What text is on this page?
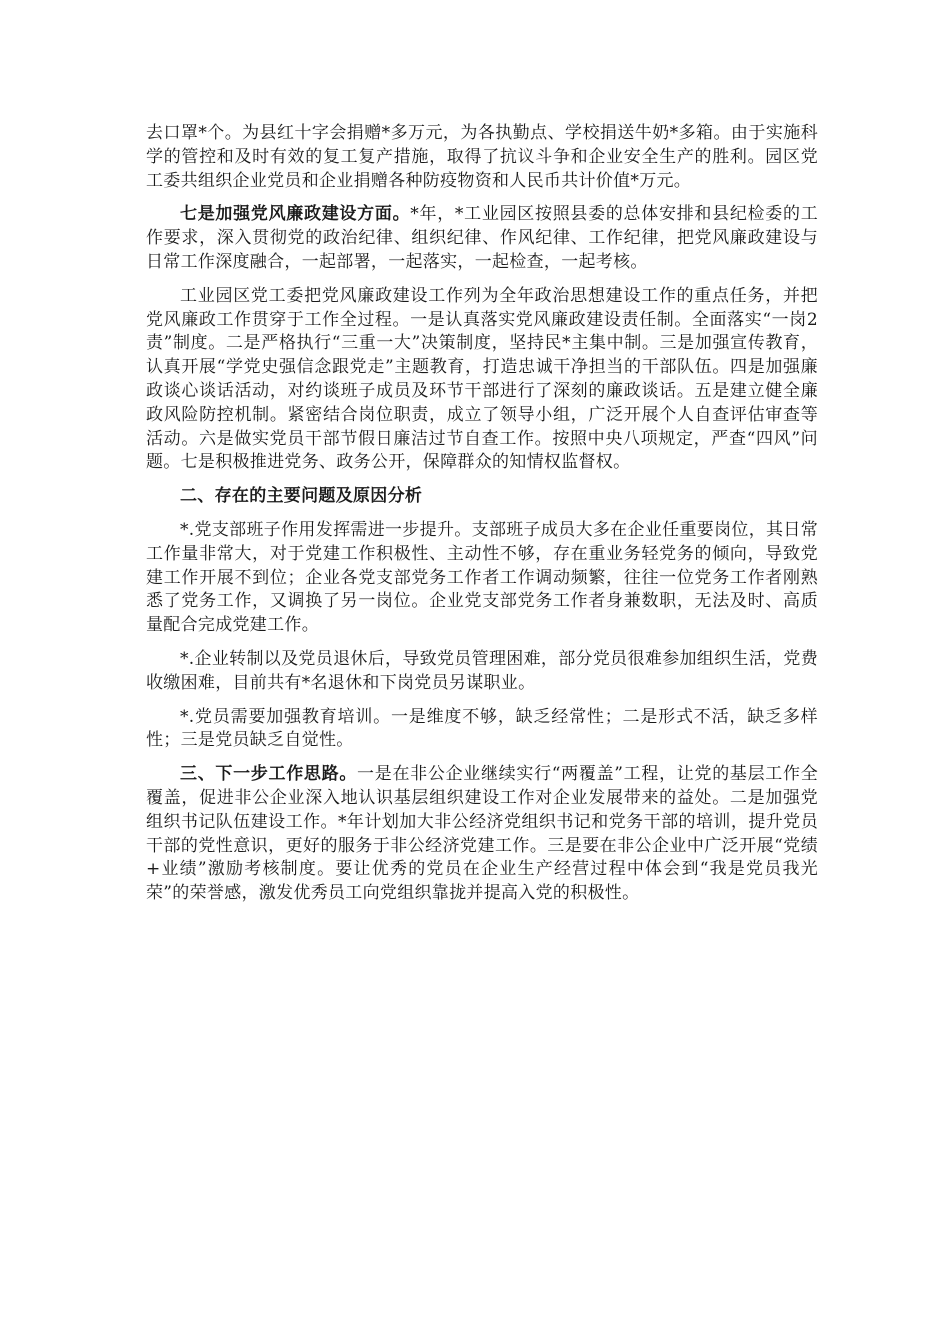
去口罩*个。为县红十字会捐赠*多万元，为各执勤点、学校捐送牛奶*多箱。由于实施科学的管控和及时有效的复工复产措施，取得了抗议斗争和企业安全生产的胜利。园区党工委共组织企业党员和企业捐赠各种防疫物资和人民币共计价值*万元。

七是加强党风廉政建设方面。*年，*工业园区按照县委的总体安排和县纪检委的工作要求，深入贯彻党的政治纪律、组织纪律、作风纪律、工作纪律，把党风廉政建设与日常工作深度融合，一起部署，一起落实，一起检查，一起考核。

工业园区党工委把党风廉政建设工作列为全年政治思想建设工作的重点任务，并把党风廉政工作贯穿于工作全过程。一是认真落实党风廉政建设责任制。全面落实“一岗2责”制度。二是严格执行“三重一大”决策制度，坚持民*主集中制。三是加强宣传教育，认真开展“学党史强信念跟党走”主题教育，打造忠诚干净担当的干部队伍。四是加强廉政谈心谈话活动，对约谈班子成员及环节干部进行了深刻的廉政谈话。五是建立健全廉政风险防控机制。紧密结合岗位职责，成立了领导小组，广泛开展个人自查评估审查等活动。六是做实党员干部节假日廉洁过节自查工作。按照中央八项规定，严查“四风”问题。七是积极推进党务、政务公开，保障群众的知情权监督权。

二、存在的主要问题及原因分析

*.党支部班子作用发挥需进一步提升。支部班子成员大多在企业任重要岗位，其日常工作量非常大，对于党建工作积极性、主动性不够，存在重业务轻党务的倾向，导致党建工作开展不到位；企业各党支部党务工作者工作调动频繁，往往一位党务工作者刚熟悉了党务工作，又调换了另一岗位。企业党支部党务工作者身兼数职，无法及时、高质量配合完成党建工作。

*.企业转制以及党员退休后，导致党员管理困难，部分党员很难参加组织生活，党费收缴困难，目前共有*名退休和下岗党员另谋职业。

*.党员需要加强教育培训。一是维度不够，缺乏经常性；二是形式不活，缺乏多样性；三是党员缺乏自觉性。

三、下一步工作思路。一是在非公企业继续实行“两覆盖”工程，让党的基层工作全覆盖，促进非公企业深入地认识基层组织建设工作对企业发展带来的益处。二是加强党组织书记队伍建设工作。*年计划加大非公经济党组织书记和党务干部的培训，提升党员干部的党性意识，更好的服务于非公经济党建工作。三是要在非公企业中广泛开展“党绩+业绩”激励考核制度。要让优秀的党员在企业生产经营过程中体会到“我是党员我光荣”的荣誉感，激发优秀员工向党组织靠拢并提高入党的积极性。
